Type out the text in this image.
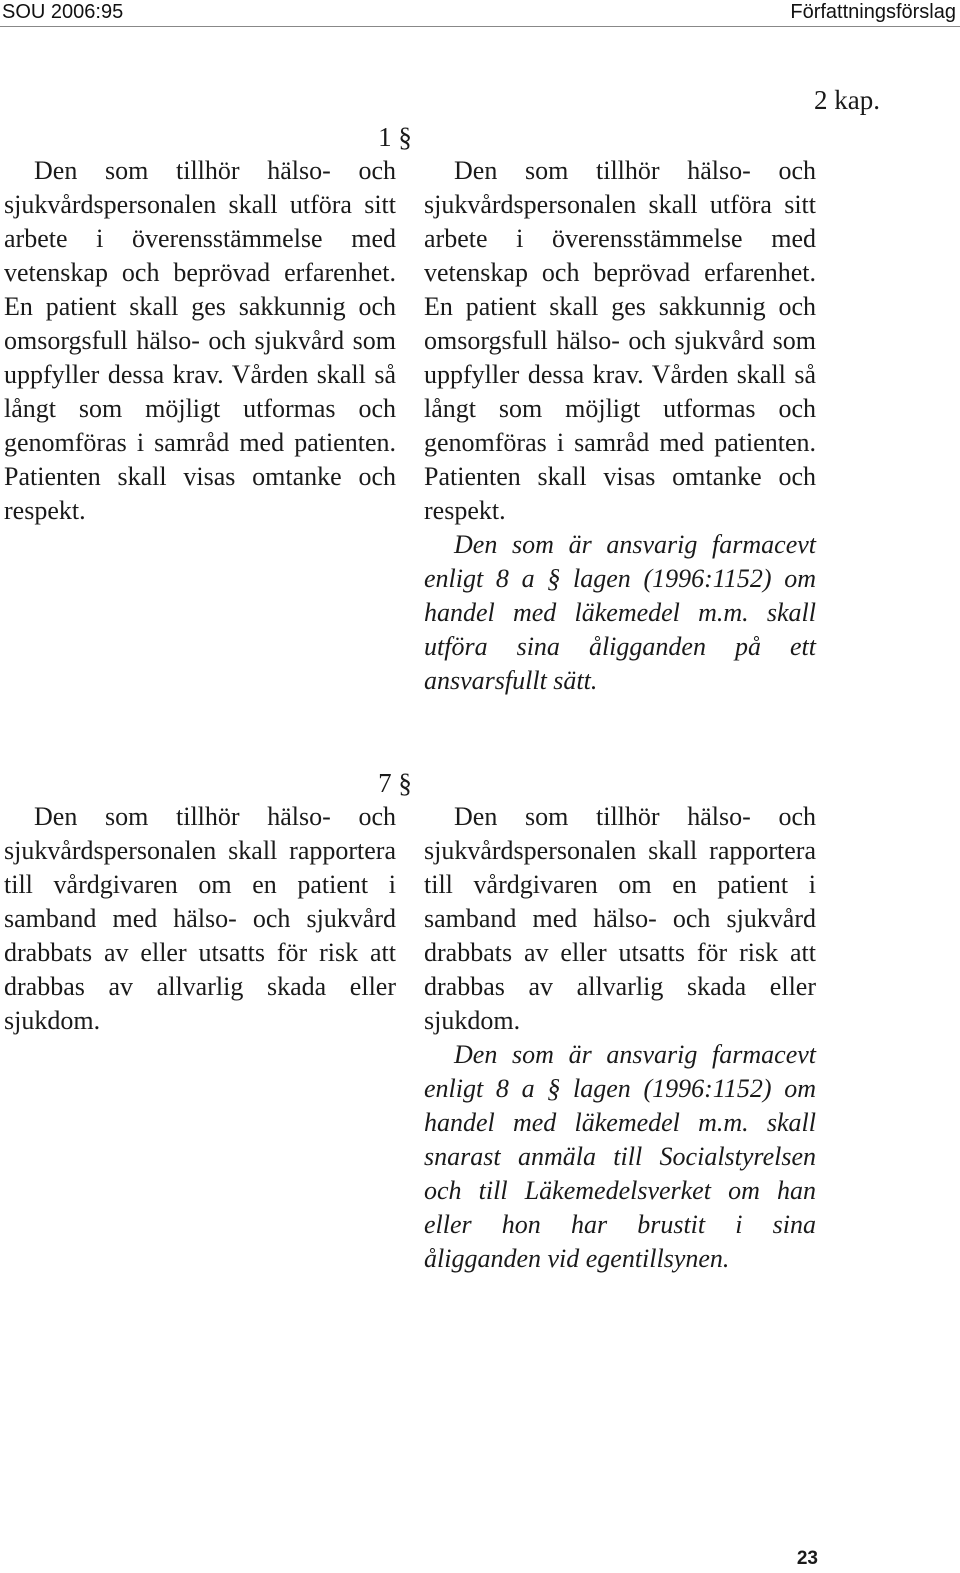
SOU 2006:95	Författningsförslag
2 kap.
1 §

Den som tillhör hälso- och sjukvårdspersonalen skall utföra sitt arbete i överensstämmelse med vetenskap och beprövad erfarenhet. En patient skall ges sakkunnig och omsorgsfull hälso- och sjukvård som uppfyller dessa krav. Vården skall så långt som möjligt utformas och genomföras i samråd med patienten. Patienten skall visas omtanke och respekt.

Den som tillhör hälso- och sjukvårdspersonalen skall utföra sitt arbete i överensstämmelse med vetenskap och beprövad erfarenhet. En patient skall ges sakkunnig och omsorgsfull hälso- och sjukvård som uppfyller dessa krav. Vården skall så långt som möjligt utformas och genomföras i samråd med patienten. Patienten skall visas omtanke och respekt.

Den som är ansvarig farmacevt enligt 8 a § lagen (1996:1152) om handel med läkemedel m.m. skall utföra sina åligganden på ett ansvarsfullt sätt.

7 §

Den som tillhör hälso- och sjukvårdspersonalen skall rapportera till vårdgivaren om en patient i samband med hälso- och sjukvård drabbats av eller utsatts för risk att drabbas av allvarlig skada eller sjukdom.

Den som tillhör hälso- och sjukvårdspersonalen skall rapportera till vårdgivaren om en patient i samband med hälso- och sjukvård drabbats av eller utsatts för risk att drabbas av allvarlig skada eller sjukdom.

Den som är ansvarig farmacevt enligt 8 a § lagen (1996:1152) om handel med läkemedel m.m. skall snarast anmäla till Socialstyrelsen och till Läkemedelsverket om han eller hon har brustit i sina åligganden vid egentillsynen.

23
